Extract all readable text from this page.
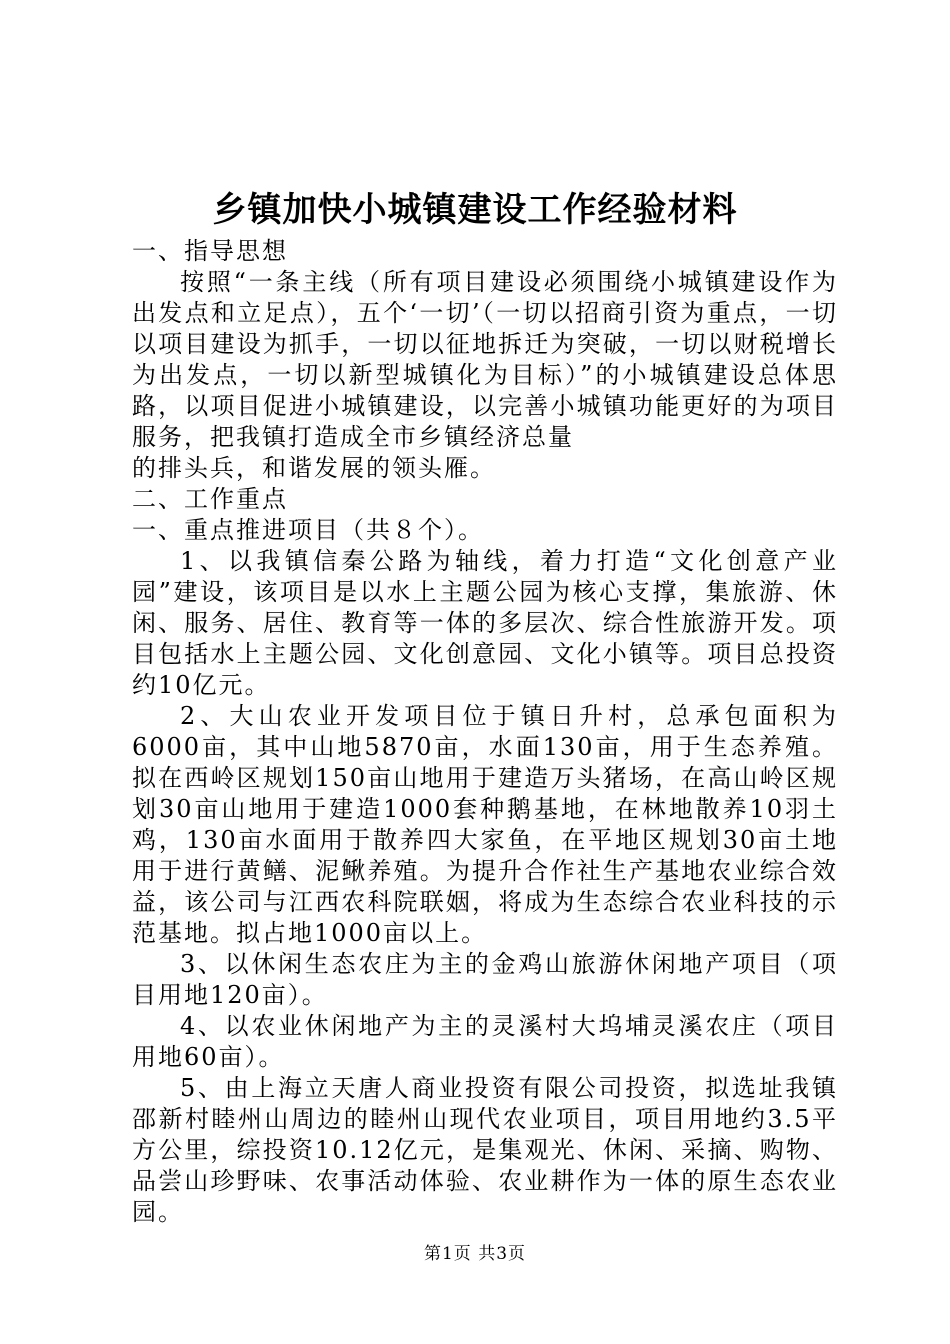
乡镇加快小城镇建设工作经验材料

一、指导思想

按照“一条主线（所有项目建设必须围绕小城镇建设作为出发点和立足点），五个‘一切’（一切以招商引资为重点，一切以项目建设为抓手，一切以征地拆迁为突破，一切以财税增长为出发点，一切以新型城镇化为目标）”的小城镇建设总体思路，以项目促进小城镇建设，以完善小城镇功能更好的为项目服务，把我镇打造成全市乡镇经济总量

的排头兵，和谐发展的领头雁。

二、工作重点

一、重点推进项目（共８个）。

1、以我镇信秦公路为轴线，着力打造“文化创意产业园”建设，该项目是以水上主题公园为核心支撑，集旅游、休闲、服务、居住、教育等一体的多层次、综合性旅游开发。项目包括水上主题公园、文化创意园、文化小镇等。项目总投资约10亿元。

2、大山农业开发项目位于镇日升村，总承包面积为6000亩，其中山地5870亩，水面130亩，用于生态养殖。拟在西岭区规划150亩山地用于建造万头猪场，在高山岭区规划30亩山地用于建造1000套种鹅基地，在林地散养10羽土鸡，130亩水面用于散养四大家鱼，在平地区规划30亩土地用于进行黄鳝、泥鳅养殖。为提升合作社生产基地农业综合效益，该公司与江西农科院联姻，将成为生态综合农业科技的示范基地。拟占地1000亩以上。

3、以休闲生态农庄为主的金鸡山旅游休闲地产项目（项目用地120亩）。

4、以农业休闲地产为主的灵溪村大坞埔灵溪农庄（项目用地60亩）。

5、由上海立天唐人商业投资有限公司投资，拟选址我镇邵新村睦州山周边的睦州山现代农业项目，项目用地约3.5平方公里，综投资10.12亿元，是集观光、休闲、采摘、购物、品尝山珍野味、农事活动体验、农业耕作为一体的原生态农业园。

第1页 共3页
